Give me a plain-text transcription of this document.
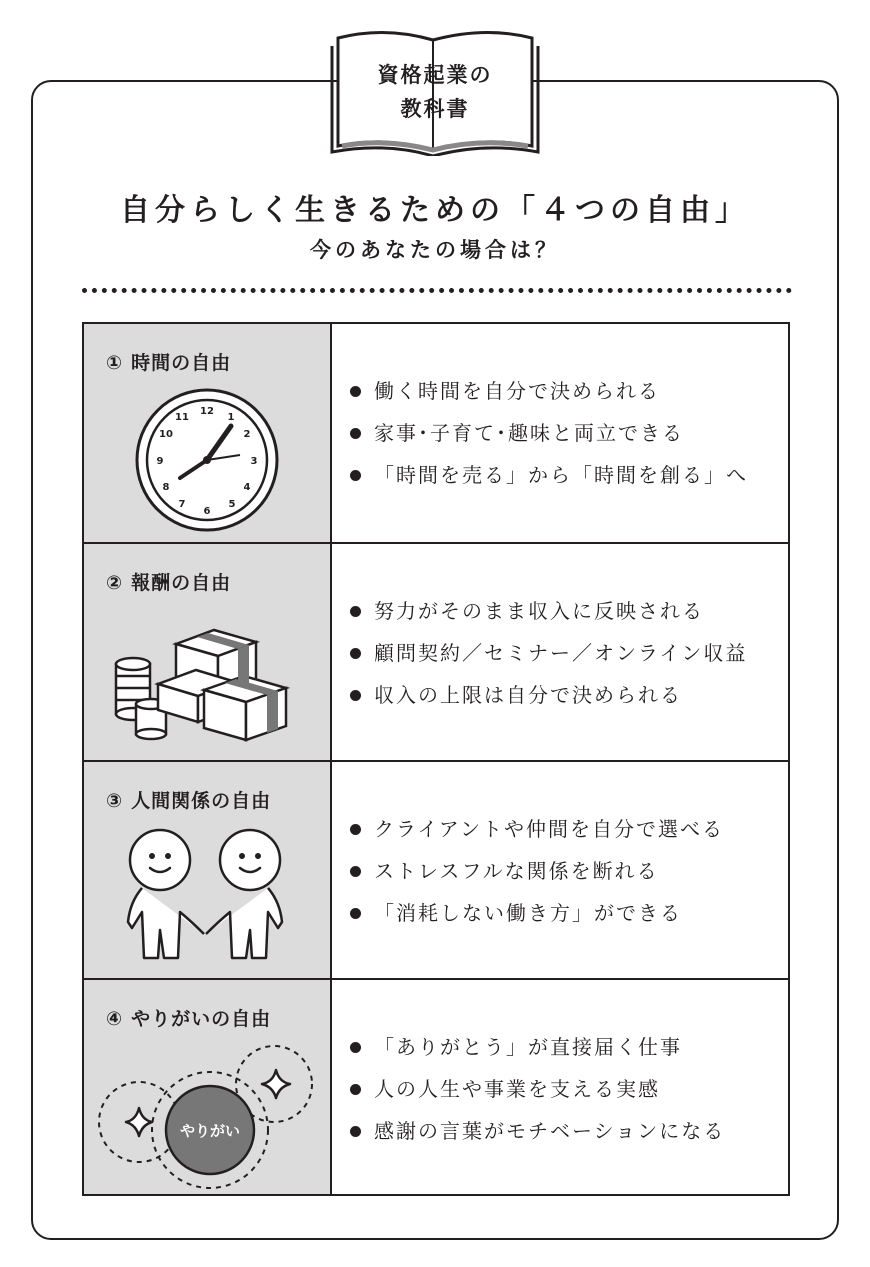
資格起業の
教科書
自分らしく生きるための「４つの自由」
今のあなたの場合は？
① 時間の自由
12
1
2
3
4
5
6
7
8
9
10
11
働く時間を自分で決められる
家事･子育て･趣味と両立できる
「時間を売る」から「時間を創る」へ
② 報酬の自由
努力がそのまま収入に反映される
顧問契約／セミナー／オンライン収益
収入の上限は自分で決められる
③ 人間関係の自由
クライアントや仲間を自分で選べる
ストレスフルな関係を断れる
「消耗しない働き方」ができる
④ やりがいの自由
やりがい
「ありがとう」が直接届く仕事
人の人生や事業を支える実感
感謝の言葉がモチベーションになる
